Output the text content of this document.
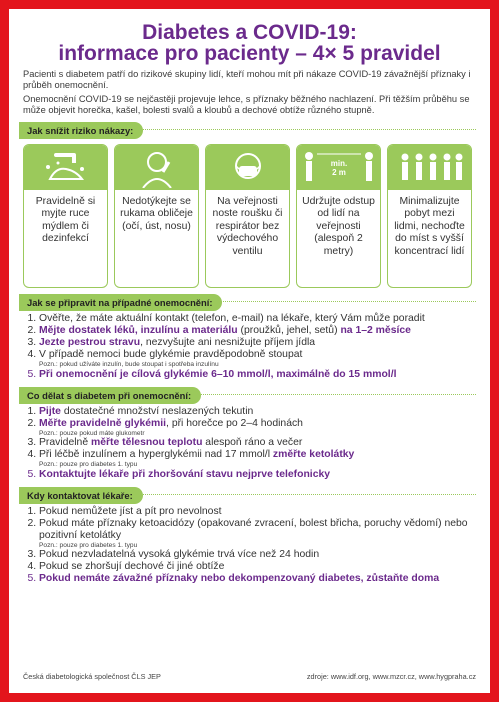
Diabetes a COVID-19:
informace pro pacienty – 4× 5 pravidel

Pacienti s diabetem patří do rizikové skupiny lidí, kteří mohou mít při nákaze COVID-19 závažnější příznaky i průběh onemocnění.

Onemocnění COVID-19 se nejčastěji projevuje lehce, s příznaky běžného nachlazení. Při těžším průběhu se může objevit horečka, kašel, bolesti svalů a kloubů a dechové obtíže různého stupně.

Jak snížit riziko nákazy:
Pravidelně si myjte ruce mýdlem či dezinfekcí
Nedotýkejte se rukama obličeje (očí, úst, nosu)
Na veřejnosti noste roušku či respirátor bez výdechového ventilu
min.
2 m
Udržujte odstup od lidí na veřejnosti (alespoň 2 metry)
Minimalizujte pobyt mezi lidmi, nechoďte do míst s vyšší koncentrací lidí
Jak se připravit na případné onemocnění:
1. Ověřte, že máte aktuální kontakt (telefon, e-mail) na lékaře, který Vám může poradit
2. Mějte dostatek léků, inzulínu a materiálu (proužků, jehel, setů) na 1–2 měsíce
3. Jezte pestrou stravu, nezvyšujte ani nesnižujte příjem jídla
4. V případě nemoci bude glykémie pravděpodobně stoupat
Pozn.: pokud užíváte inzulín, bude stoupat i spotřeba inzulínu
5. Při onemocnění je cílová glykémie 6–10 mmol/l, maximálně do 15 mmol/l
Co dělat s diabetem při onemocnění:
1. Pijte dostatečné množství neslazených tekutin
2. Měřte pravidelně glykémii, při horečce po 2–4 hodinách
Pozn.: pouze pokud máte glukometr
3. Pravidelně měřte tělesnou teplotu alespoň ráno a večer
4. Při léčbě inzulínem a hyperglykémii nad 17 mmol/l změřte ketolátky
Pozn.: pouze pro diabetes 1. typu
5. Kontaktujte lékaře při zhoršování stavu nejprve telefonicky
Kdy kontaktovat lékaře:
1. Pokud nemůžete jíst a pít pro nevolnost
2. Pokud máte příznaky ketoacidózy (opakované zvracení, bolest břicha, poruchy vědomí) nebo pozitivní ketolátky
Pozn.: pouze pro diabetes 1. typu
3. Pokud nezvladatelná vysoká glykémie trvá více než 24 hodin
4. Pokud se zhoršují dechové či jiné obtíže
5. Pokud nemáte závažné příznaky nebo dekompenzovaný diabetes, zůstaňte doma
Česká diabetologická společnost ČLS JEP	zdroje: www.idf.org, www.mzcr.cz, www.hygpraha.cz
